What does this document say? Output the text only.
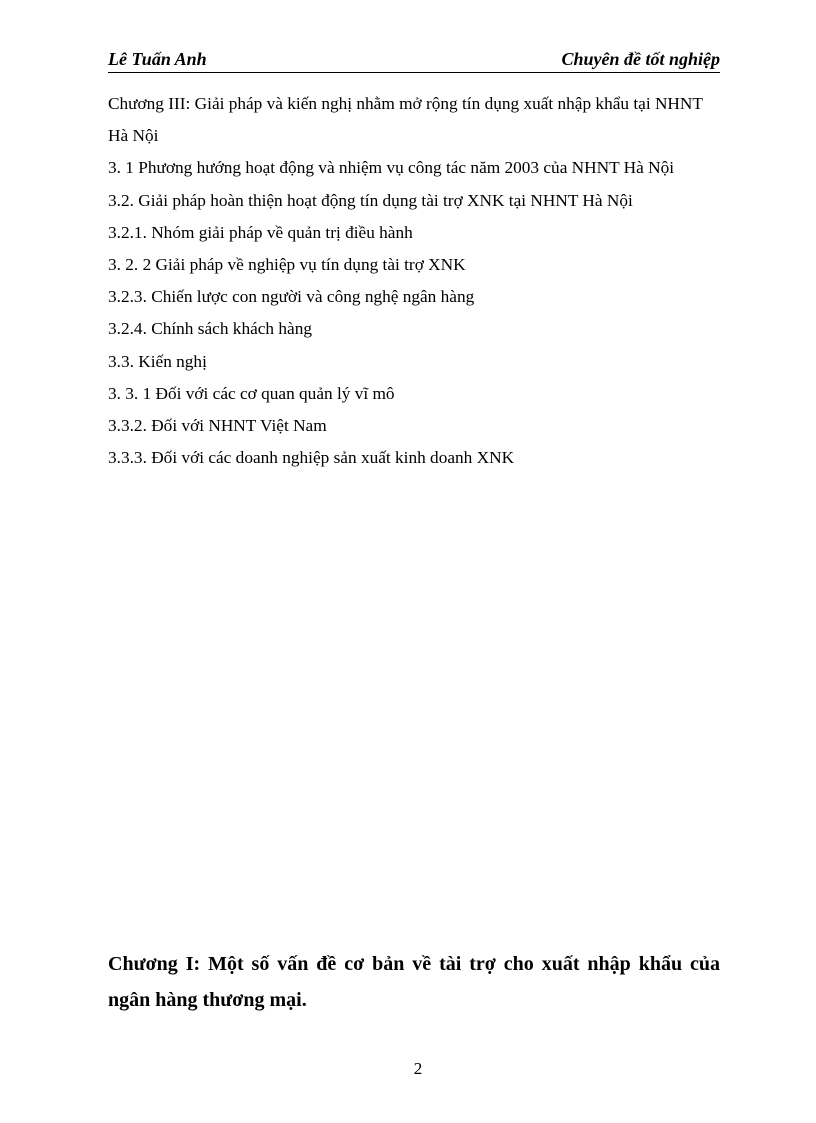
Lê Tuấn Anh	Chuyên đề tốt nghiệp

Chương III: Giải pháp và kiến nghị nhằm mở rộng tín dụng xuất nhập khẩu tại NHNT Hà Nội

3. 1 Phương hướng hoạt động và nhiệm vụ công tác năm 2003 của NHNT Hà Nội

3.2. Giải pháp hoàn thiện hoạt động tín dụng tài trợ XNK tại NHNT Hà Nội

3.2.1. Nhóm giải pháp về quản trị điều hành

3. 2. 2 Giải pháp về nghiệp vụ tín dụng tài trợ XNK

3.2.3. Chiến lược con người và công nghệ ngân hàng

3.2.4. Chính sách khách hàng

3.3. Kiến nghị

3. 3. 1 Đối với các cơ quan quản lý vĩ mô

3.3.2. Đối với NHNT Việt Nam

3.3.3. Đối với các doanh nghiệp sản xuất kinh doanh XNK

Chương I: Một số vấn đề cơ bản về tài trợ cho xuất nhập khẩu của ngân hàng thương mại.
2
